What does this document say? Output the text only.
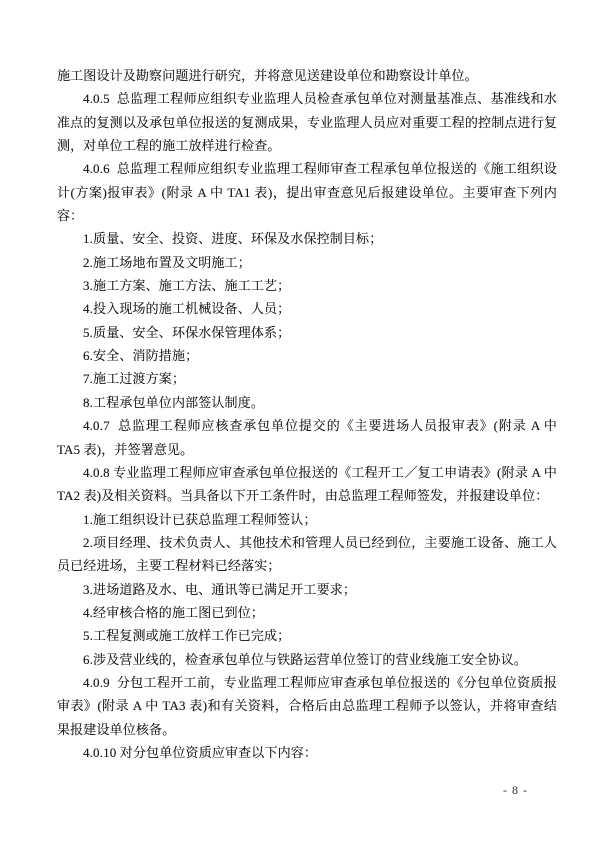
施工图设计及勘察问题进行研究，并将意见送建设单位和勘察设计单位。

4.0.5  总监理工程师应组织专业监理人员检查承包单位对测量基准点、基准线和水准点的复测以及承包单位报送的复测成果，专业监理人员应对重要工程的控制点进行复测，对单位工程的施工放样进行检查。

4.0.6  总监理工程师应组织专业监理工程师审查工程承包单位报送的《施工组织设计(方案)报审表》(附录 A 中 TA1 表)，提出审查意见后报建设单位。主要审查下列内容：

1.质量、安全、投资、进度、环保及水保控制目标；

2.施工场地布置及文明施工；

3.施工方案、施工方法、施工工艺；

4.投入现场的施工机械设备、人员；

5.质量、安全、环保水保管理体系；

6.安全、消防措施；

7.施工过渡方案；

8.工程承包单位内部签认制度。

4.0.7  总监理工程师应核查承包单位提交的《主要进场人员报审表》(附录 A 中 TA5 表)，并签署意见。

4.0.8 专业监理工程师应审查承包单位报送的《工程开工／复工申请表》(附录 A 中 TA2 表)及相关资料。当具备以下开工条件时，由总监理工程师签发，并报建设单位：

1.施工组织设计已获总监理工程师签认；

2.项目经理、技术负责人、其他技术和管理人员已经到位，主要施工设备、施工人员已经进场，主要工程材料已经落实；

3.进场道路及水、电、通讯等已满足开工要求；

4.经审核合格的施工图已到位；

5.工程复测或施工放样工作已完成；

6.涉及营业线的，检查承包单位与铁路运营单位签订的营业线施工安全协议。

4.0.9  分包工程开工前，专业监理工程师应审查承包单位报送的《分包单位资质报审表》(附录 A 中 TA3 表)和有关资料，合格后由总监理工程师予以签认，并将审查结果报建设单位核备。

4.0.10 对分包单位资质应审查以下内容：

- 8 -
